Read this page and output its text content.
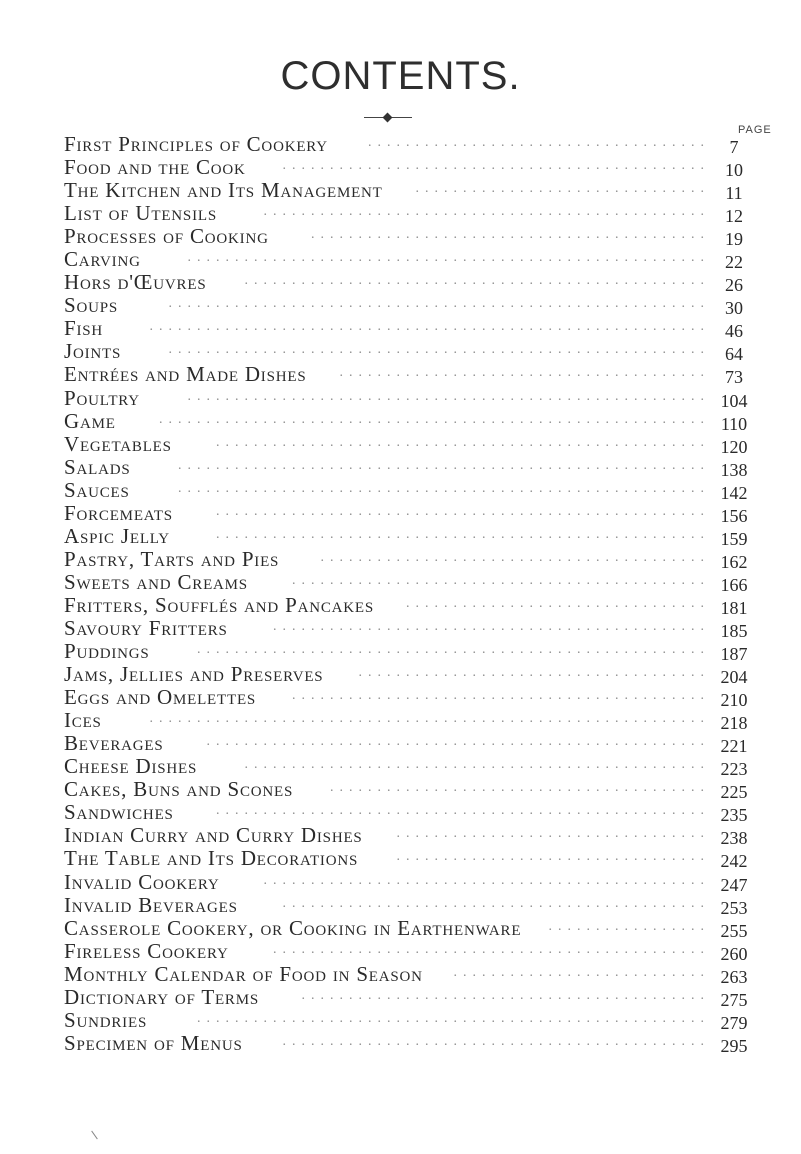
CONTENTS.
PAGE
First Principles of Cookery	....................................	7
Food and the Cook	............................................. 10
The Kitchen and Its Management	............................... 11
List of Utensils	............................................... 12
Processes of Cooking	.......................................... 19
Carving	....................................................... 22
Hors d'Œuvres	................................................. 26
Soups	......................................................... 30
Fish	........................................................... 46
Joints	......................................................... 64
Entrées and Made Dishes	....................................... 73
Poultry	....................................................... 104
Game	.......................................................... 110
Vegetables	.................................................... 120
Salads	........................................................ 138
Sauces	........................................................ 142
Forcemeats	.................................................... 156
Aspic Jelly	.................................................... 159
Pastry, Tarts and Pies	......................................... 162
Sweets and Creams	............................................ 166
Fritters, Soufflés and Pancakes	................................ 181
Savoury Fritters	.............................................. 185
Puddings	...................................................... 187
Jams, Jellies and Preserves	..................................... 204
Eggs and Omelettes	............................................ 210
Ices	........................................................... 218
Beverages	..................................................... 221
Cheese Dishes	................................................. 223
Cakes, Buns and Scones	........................................ 225
Sandwiches	.................................................... 235
Indian Curry and Curry Dishes	................................. 238
The Table and Its Decorations	................................. 242
Invalid Cookery	............................................... 247
Invalid Beverages	............................................. 253
Casserole Cookery, or Cooking in Earthenware	................. 255
Fireless Cookery	.............................................. 260
Monthly Calendar of Food in Season	........................... 263
Dictionary of Terms	........................................... 275
Sundries	...................................................... 279
Specimen of Menus	............................................. 295
